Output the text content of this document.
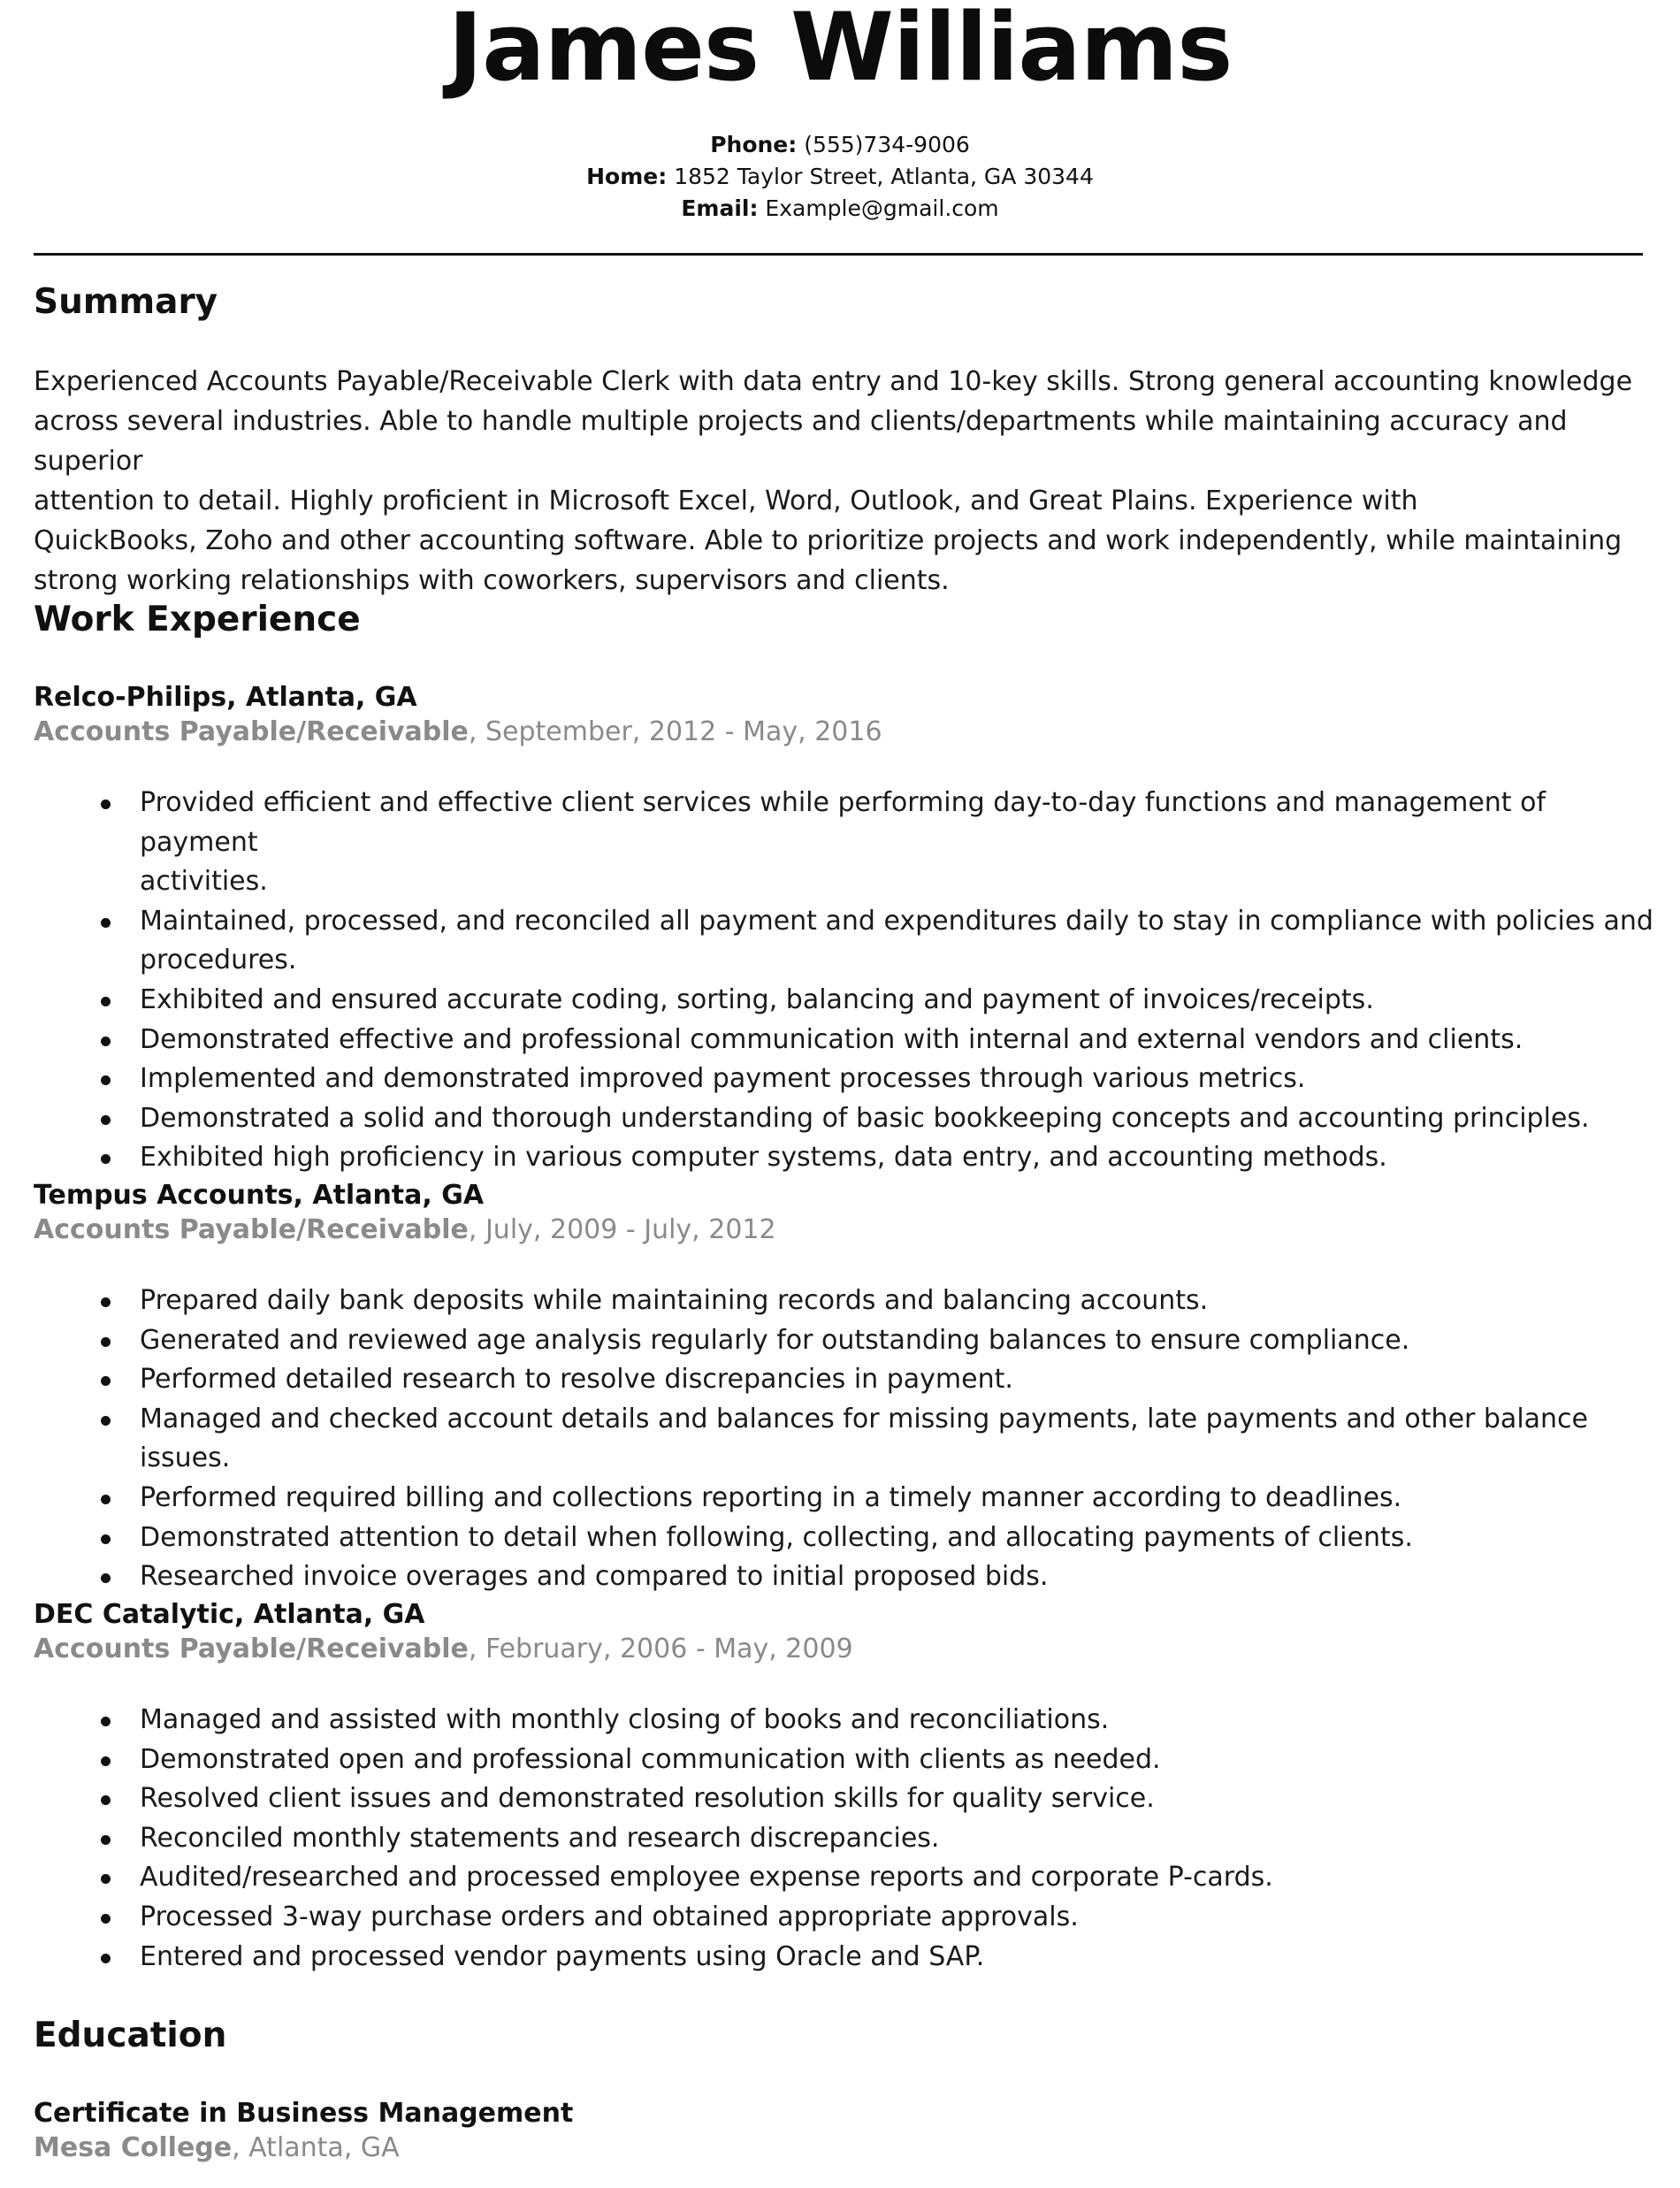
James Williams
Phone: (555)734-9006
Home: 1852 Taylor Street, Atlanta, GA 30344
Email: Example@gmail.com
Summary
Experienced Accounts Payable/Receivable Clerk with data entry and 10-key skills. Strong general accounting knowledge
across several industries. Able to handle multiple projects and clients/departments while maintaining accuracy and superior
attention to detail. Highly proficient in Microsoft Excel, Word, Outlook, and Great Plains. Experience with
QuickBooks, Zoho and other accounting software. Able to prioritize projects and work independently, while maintaining
strong working relationships with coworkers, supervisors and clients.
Work Experience
Relco-Philips, Atlanta, GA
Accounts Payable/Receivable, September, 2012 - May, 2016
Provided efficient and effective client services while performing day-to-day functions and management of payment
activities.
Maintained, processed, and reconciled all payment and expenditures daily to stay in compliance with policies and
procedures.
Exhibited and ensured accurate coding, sorting, balancing and payment of invoices/receipts.
Demonstrated effective and professional communication with internal and external vendors and clients.
Implemented and demonstrated improved payment processes through various metrics.
Demonstrated a solid and thorough understanding of basic bookkeeping concepts and accounting principles.
Exhibited high proficiency in various computer systems, data entry, and accounting methods.
Tempus Accounts, Atlanta, GA
Accounts Payable/Receivable, July, 2009 - July, 2012
Prepared daily bank deposits while maintaining records and balancing accounts.
Generated and reviewed age analysis regularly for outstanding balances to ensure compliance.
Performed detailed research to resolve discrepancies in payment.
Managed and checked account details and balances for missing payments, late payments and other balance issues.
Performed required billing and collections reporting in a timely manner according to deadlines.
Demonstrated attention to detail when following, collecting, and allocating payments of clients.
Researched invoice overages and compared to initial proposed bids.
DEC Catalytic, Atlanta, GA
Accounts Payable/Receivable, February, 2006 - May, 2009
Managed and assisted with monthly closing of books and reconciliations.
Demonstrated open and professional communication with clients as needed.
Resolved client issues and demonstrated resolution skills for quality service.
Reconciled monthly statements and research discrepancies.
Audited/researched and processed employee expense reports and corporate P-cards.
Processed 3-way purchase orders and obtained appropriate approvals.
Entered and processed vendor payments using Oracle and SAP.
Education
Certificate in Business Management
Mesa College, Atlanta, GA
